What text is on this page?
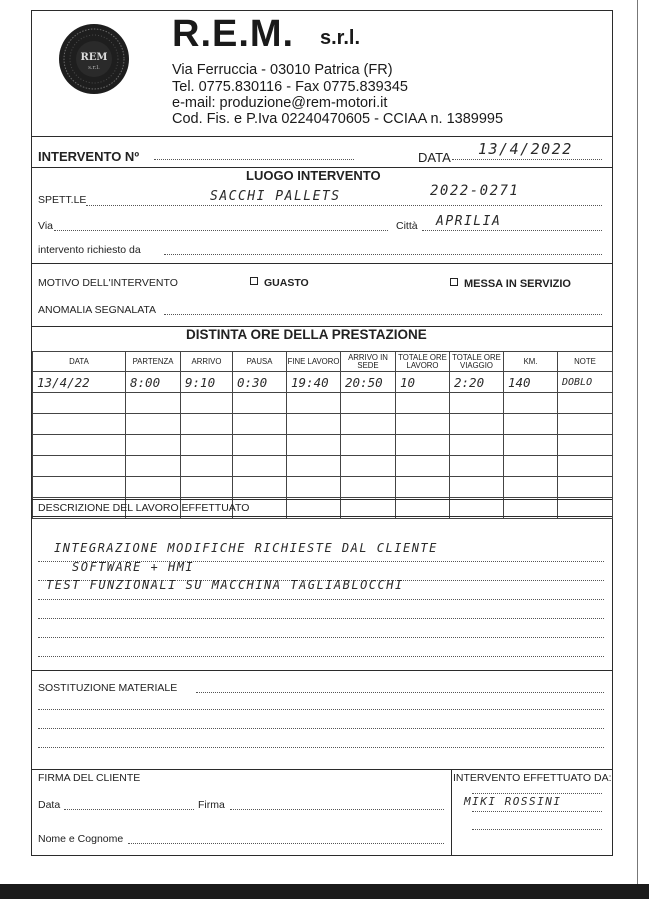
REM
s.r.l.
R.E.M. s.r.l.
Via Ferruccia - 03010 Patrica (FR)
Tel. 0775.830116 - Fax 0775.839345
e-mail: produzione@rem-motori.it
Cod. Fis. e P.Iva 02240470605 - CCIAA n. 1389995
INTERVENTO Nº	DATA 13/4/2022
LUOGO INTERVENTO
SPETT.LE	SACCHI PALLETS	2022-0271
Via	Città APRILIA
intervento richiesto da
MOTIVO DELL'INTERVENTO	GUASTO	MESSA IN SERVIZIO
ANOMALIA SEGNALATA
DISTINTA ORE DELLA PRESTAZIONE
DATA	PARTENZA	ARRIVO	PAUSA	FINE LAVORO	ARRIVO IN SEDE	TOTALE ORE LAVORO	TOTALE ORE VIAGGIO	KM.	NOTE
13/4/22	8:00	9:10	0:30	19:40	20:50	10	2:20	140	DOBLO

DESCRIZIONE DEL LAVORO EFFETTUATO
INTEGRAZIONE MODIFICHE RICHIESTE DAL CLIENTE
SOFTWARE + HMI
TEST FUNZIONALI SU MACCHINA TAGLIABLOCCHI
SOSTITUZIONE MATERIALE
FIRMA DEL CLIENTE
Data	Firma
Nome e Cognome
INTERVENTO EFFETTUATO DA:
MIKI ROSSINI
